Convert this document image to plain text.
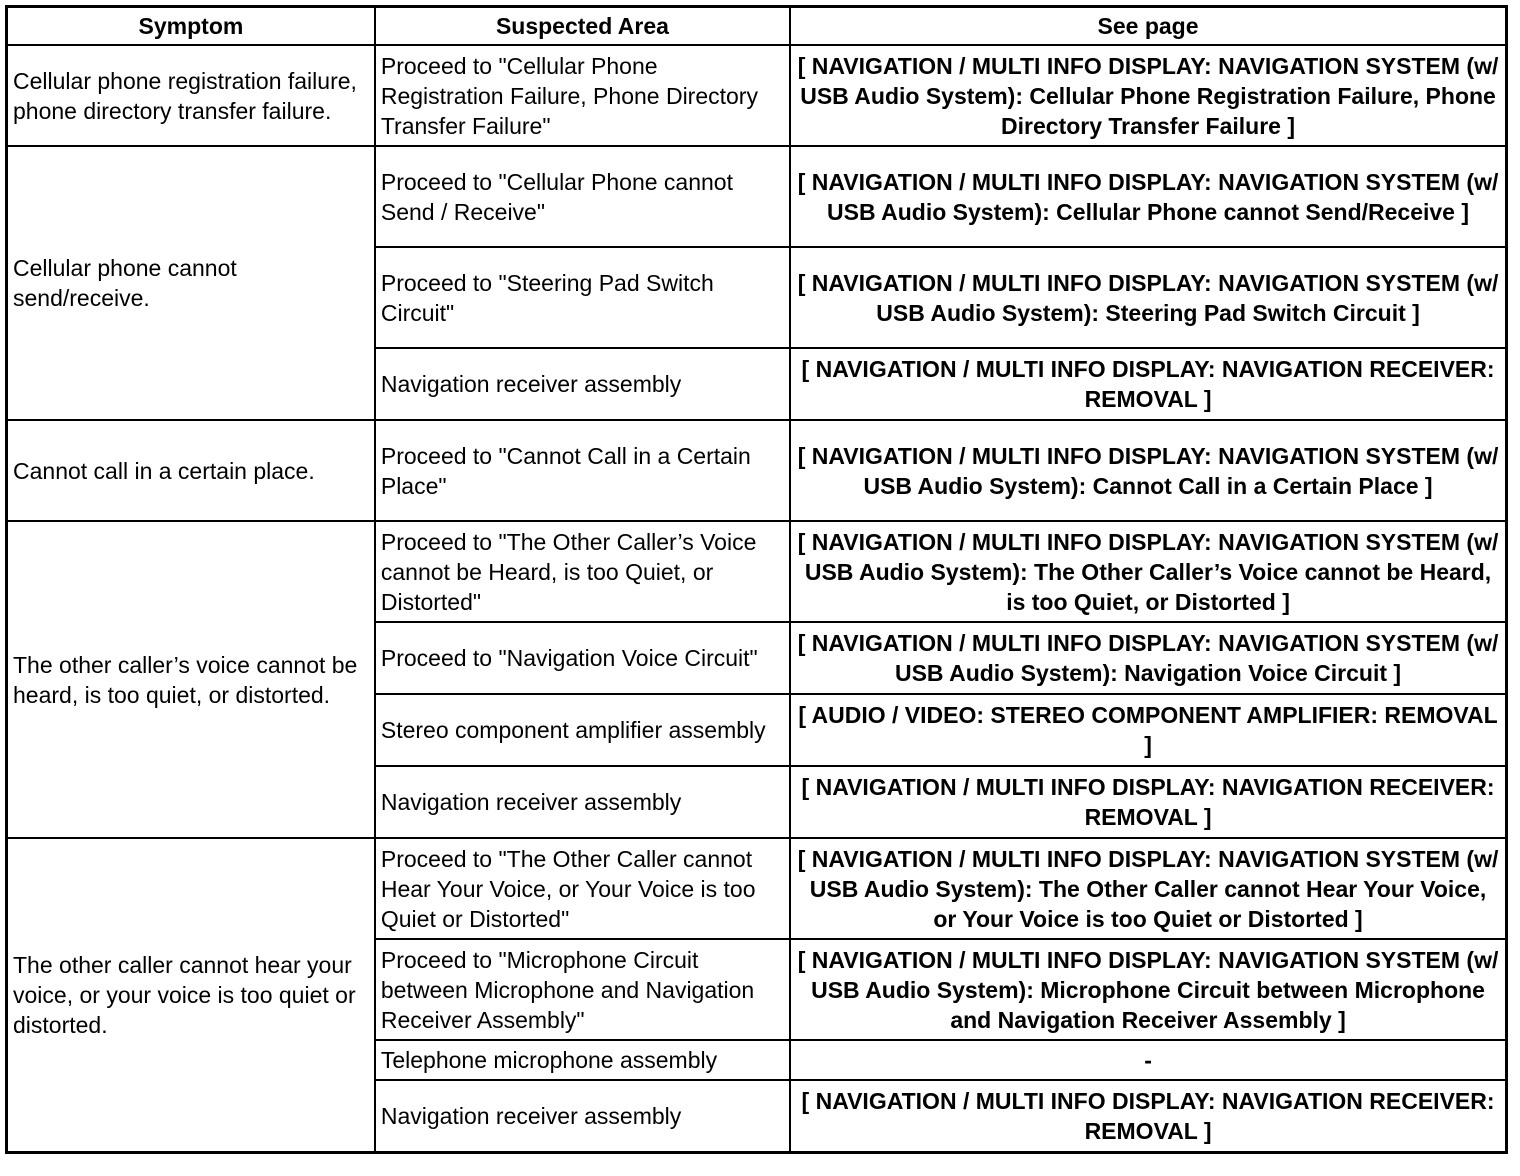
Symptom	Suspected Area	See page
Cellular phone registration failure, phone directory transfer failure.	Proceed to "Cellular Phone Registration Failure, Phone Directory Transfer Failure"	[ NAVIGATION / MULTI INFO DISPLAY: NAVIGATION SYSTEM (w/ USB Audio System): Cellular Phone Registration Failure, Phone Directory Transfer Failure ]
Cellular phone cannot send/receive.	Proceed to "Cellular Phone cannot Send / Receive"	[ NAVIGATION / MULTI INFO DISPLAY: NAVIGATION SYSTEM (w/ USB Audio System): Cellular Phone cannot Send/Receive ]
	Proceed to "Steering Pad Switch Circuit"	[ NAVIGATION / MULTI INFO DISPLAY: NAVIGATION SYSTEM (w/ USB Audio System): Steering Pad Switch Circuit ]
	Navigation receiver assembly	[ NAVIGATION / MULTI INFO DISPLAY: NAVIGATION RECEIVER: REMOVAL ]
Cannot call in a certain place.	Proceed to "Cannot Call in a Certain Place"	[ NAVIGATION / MULTI INFO DISPLAY: NAVIGATION SYSTEM (w/ USB Audio System): Cannot Call in a Certain Place ]
The other caller’s voice cannot be heard, is too quiet, or distorted.	Proceed to "The Other Caller’s Voice cannot be Heard, is too Quiet, or Distorted"	[ NAVIGATION / MULTI INFO DISPLAY: NAVIGATION SYSTEM (w/ USB Audio System): The Other Caller’s Voice cannot be Heard, is too Quiet, or Distorted ]
	Proceed to "Navigation Voice Circuit"	[ NAVIGATION / MULTI INFO DISPLAY: NAVIGATION SYSTEM (w/ USB Audio System): Navigation Voice Circuit ]
	Stereo component amplifier assembly	[ AUDIO / VIDEO: STEREO COMPONENT AMPLIFIER: REMOVAL ]
	Navigation receiver assembly	[ NAVIGATION / MULTI INFO DISPLAY: NAVIGATION RECEIVER: REMOVAL ]
The other caller cannot hear your voice, or your voice is too quiet or distorted.	Proceed to "The Other Caller cannot Hear Your Voice, or Your Voice is too Quiet or Distorted"	[ NAVIGATION / MULTI INFO DISPLAY: NAVIGATION SYSTEM (w/ USB Audio System): The Other Caller cannot Hear Your Voice, or Your Voice is too Quiet or Distorted ]
	Proceed to "Microphone Circuit between Microphone and Navigation Receiver Assembly"	[ NAVIGATION / MULTI INFO DISPLAY: NAVIGATION SYSTEM (w/ USB Audio System): Microphone Circuit between Microphone and Navigation Receiver Assembly ]
	Telephone microphone assembly	-
	Navigation receiver assembly	[ NAVIGATION / MULTI INFO DISPLAY: NAVIGATION RECEIVER: REMOVAL ]
